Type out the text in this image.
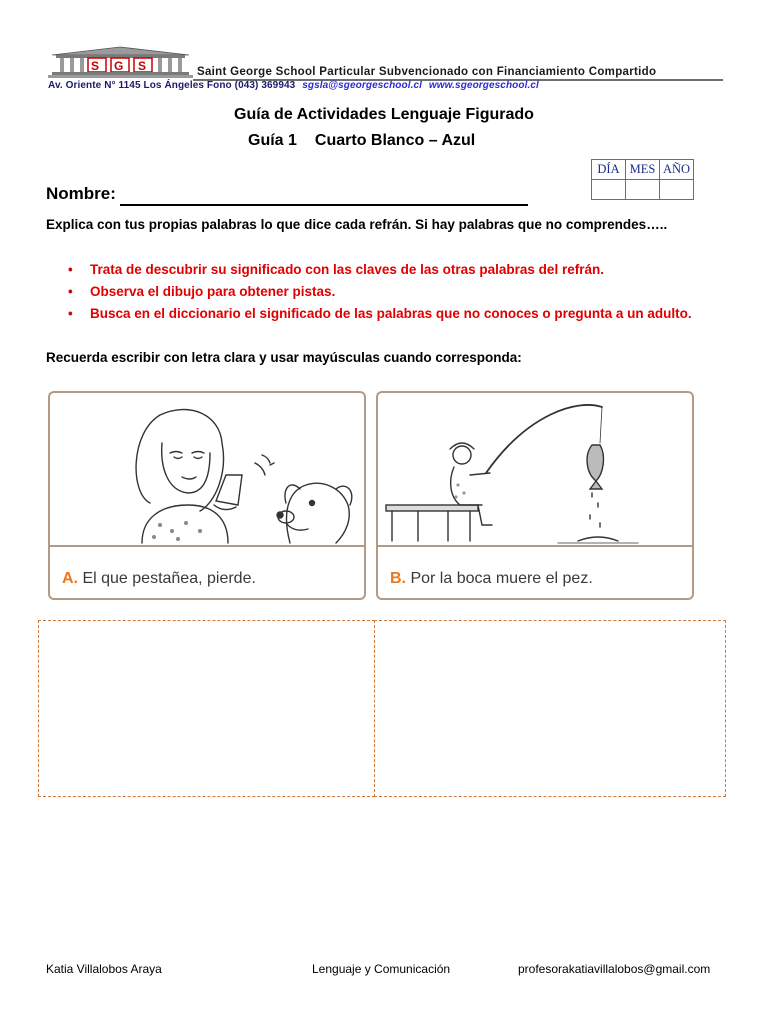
S G S	Saint George School Particular Subvencionado con Financiamiento Compartido
Av. Oriente N° 1145 Los Ángeles Fono (043) 369943 sgsla@sgeorgeschool.cl www.sgeorgeschool.cl
Guía de Actividades Lenguaje Figurado
Guía 1 Cuarto Blanco – Azul
DÍA	MES	AÑO

Nombre:
Explica con tus propias palabras lo que dice cada refrán. Si hay palabras que no comprendes…..
• Trata de descubrir su significado con las claves de las otras palabras del refrán.
• Observa el dibujo para obtener pistas.
• Busca en el diccionario el significado de las palabras que no conoces o pregunta a un adulto.
Recuerda escribir con letra clara y usar mayúsculas cuando corresponda:
A. El que pestañea, pierde.	B. Por la boca muere el pez.
Katia Villalobos Araya	Lenguaje y Comunicación	profesorakatiavillalobos@gmail.com
